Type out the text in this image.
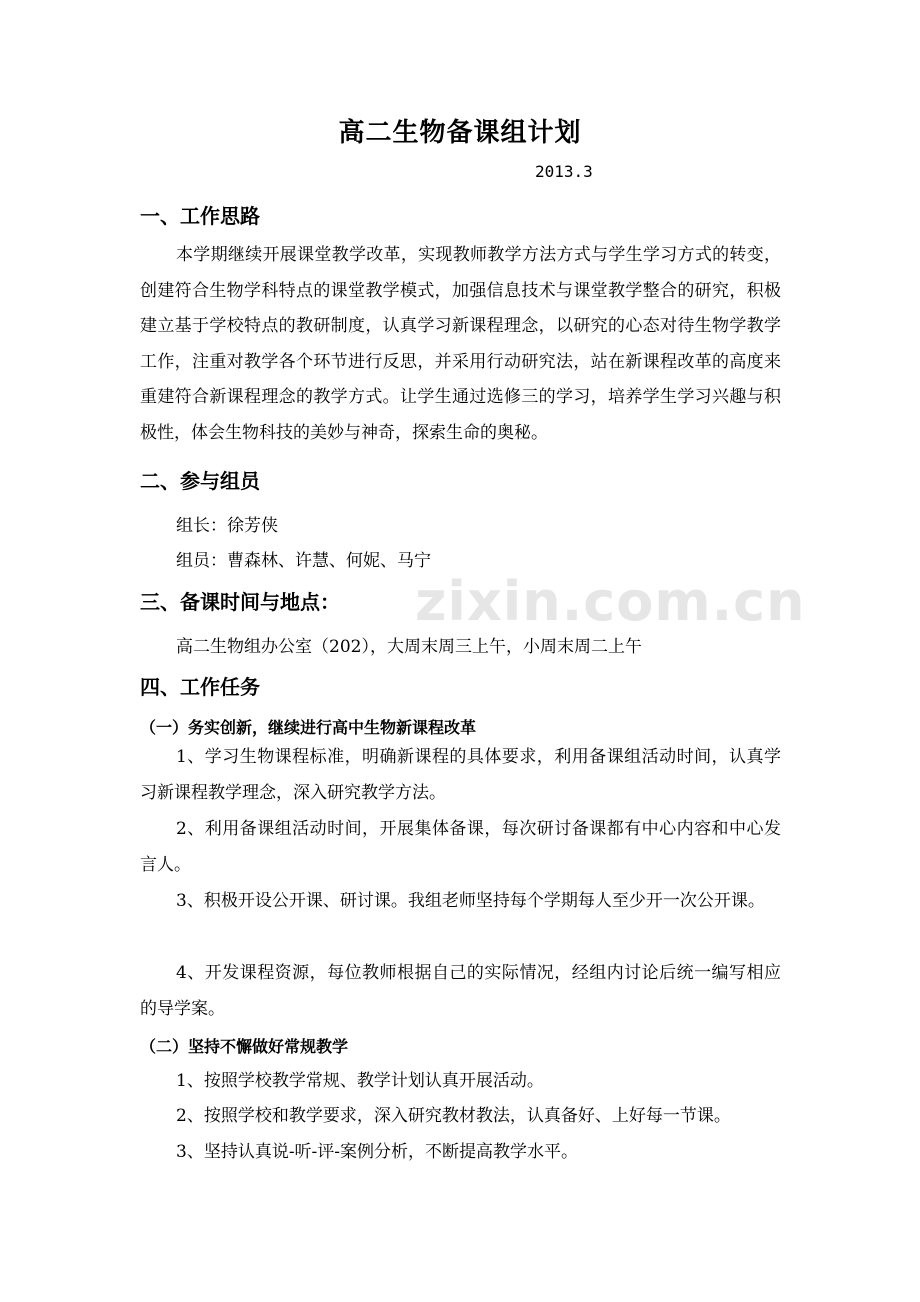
zixin.com.cn
高二生物备课组计划
2013.3
一、工作思路
本学期继续开展课堂教学改革，实现教师教学方法方式与学生学习方式的转变，创建符合生物学科特点的课堂教学模式，加强信息技术与课堂教学整合的研究，积极建立基于学校特点的教研制度，认真学习新课程理念，以研究的心态对待生物学教学工作，注重对教学各个环节进行反思，并采用行动研究法，站在新课程改革的高度来重建符合新课程理念的教学方式。让学生通过选修三的学习，培养学生学习兴趣与积极性，体会生物科技的美妙与神奇，探索生命的奥秘。
二、参与组员
组长：徐芳侠
组员：曹森林、许慧、何妮、马宁
三、备课时间与地点：
高二生物组办公室（202），大周末周三上午，小周末周二上午
四、工作任务
（一）务实创新，继续进行高中生物新课程改革
1、学习生物课程标准，明确新课程的具体要求，利用备课组活动时间，认真学习新课程教学理念，深入研究教学方法。
2、利用备课组活动时间，开展集体备课，每次研讨备课都有中心内容和中心发言人。
3、积极开设公开课、研讨课。我组老师坚持每个学期每人至少开一次公开课。
4、开发课程资源，每位教师根据自己的实际情况，经组内讨论后统一编写相应的导学案。
（二）坚持不懈做好常规教学
1、按照学校教学常规、教学计划认真开展活动。
2、按照学校和教学要求，深入研究教材教法，认真备好、上好每一节课。
3、坚持认真说-听-评-案例分析，不断提高教学水平。
